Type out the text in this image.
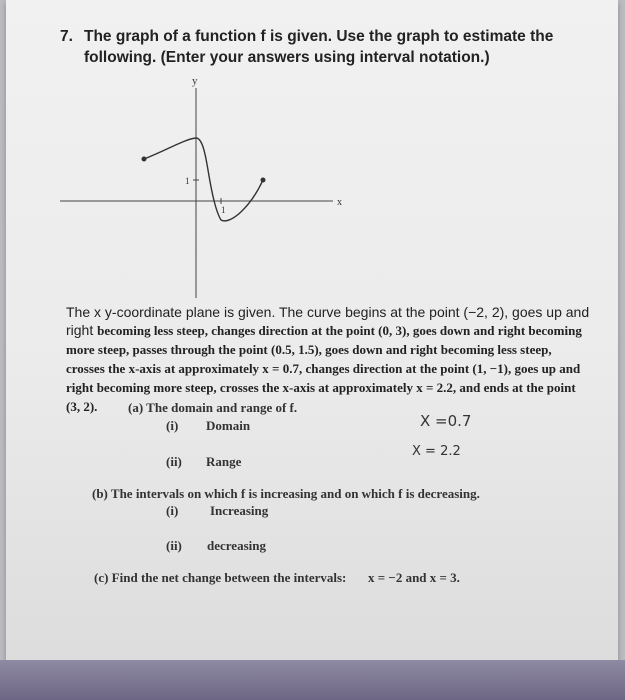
7. The graph of a function f is given. Use the graph to estimate the
following. (Enter your answers using interval notation.)

y
x
1
1

The x y-coordinate plane is given. The curve begins at the point (−2, 2), goes up and right becoming less steep, changes direction at the point (0, 3), goes down and right becoming more steep, passes through the point (0.5, 1.5), goes down and right becoming less steep, crosses the x-axis at approximately x = 0.7, changes direction at the point (1, −1), goes up and right becoming more steep, crosses the x-axis at approximately x = 2.2, and ends at the point (3, 2).	(a) The domain and range of f.
(i) Domain	X =0.7
X = 2.2
(ii) Range
(b) The intervals on which f is increasing and on which f is decreasing.
(i) Increasing
(ii) decreasing
(c) Find the net change between the intervals: x = −2 and x = 3.
